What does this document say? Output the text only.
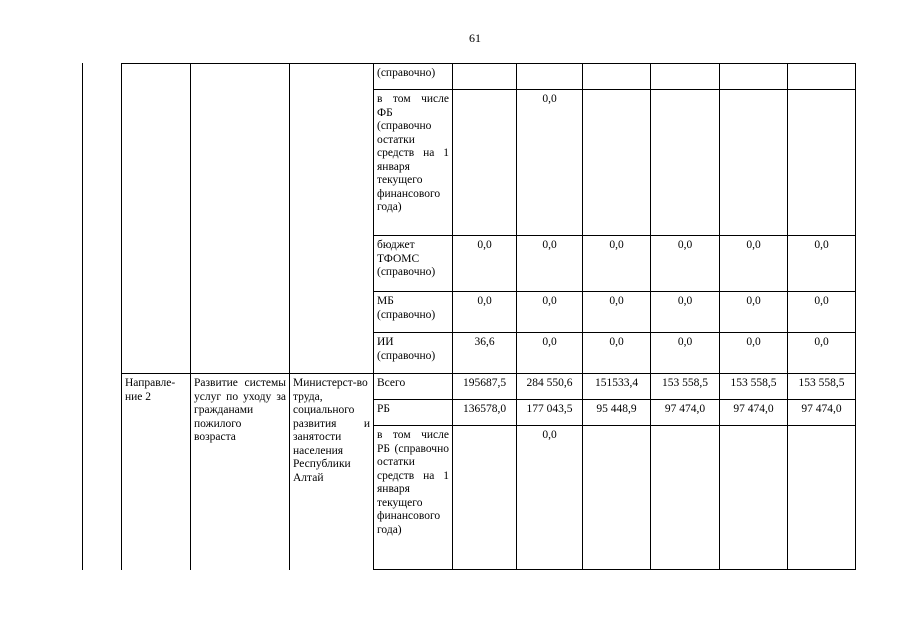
61
			(справочно)						
			в том числе ФБ (справочно остатки средств на 1 января текущего финансового года)		0,0				
			бюджет ТФОМС (справочно)	0,0	0,0	0,0	0,0	0,0	0,0
			МБ (справочно)	0,0	0,0	0,0	0,0	0,0	0,0
			ИИ (справочно)	36,6	0,0	0,0	0,0	0,0	0,0
Направле-ние 2	Развитие системы услуг по уходу за гражданами пожилого возраста	Министерст-во труда, социального развития и занятости населения Республики Алтай	Всего	195687,5	284 550,6	151533,4	153 558,5	153 558,5	153 558,5
			РБ	136578,0	177 043,5	95 448,9	97 474,0	97 474,0	97 474,0
			в том числе РБ (справочно остатки средств на 1 января текущего финансового года)		0,0				
